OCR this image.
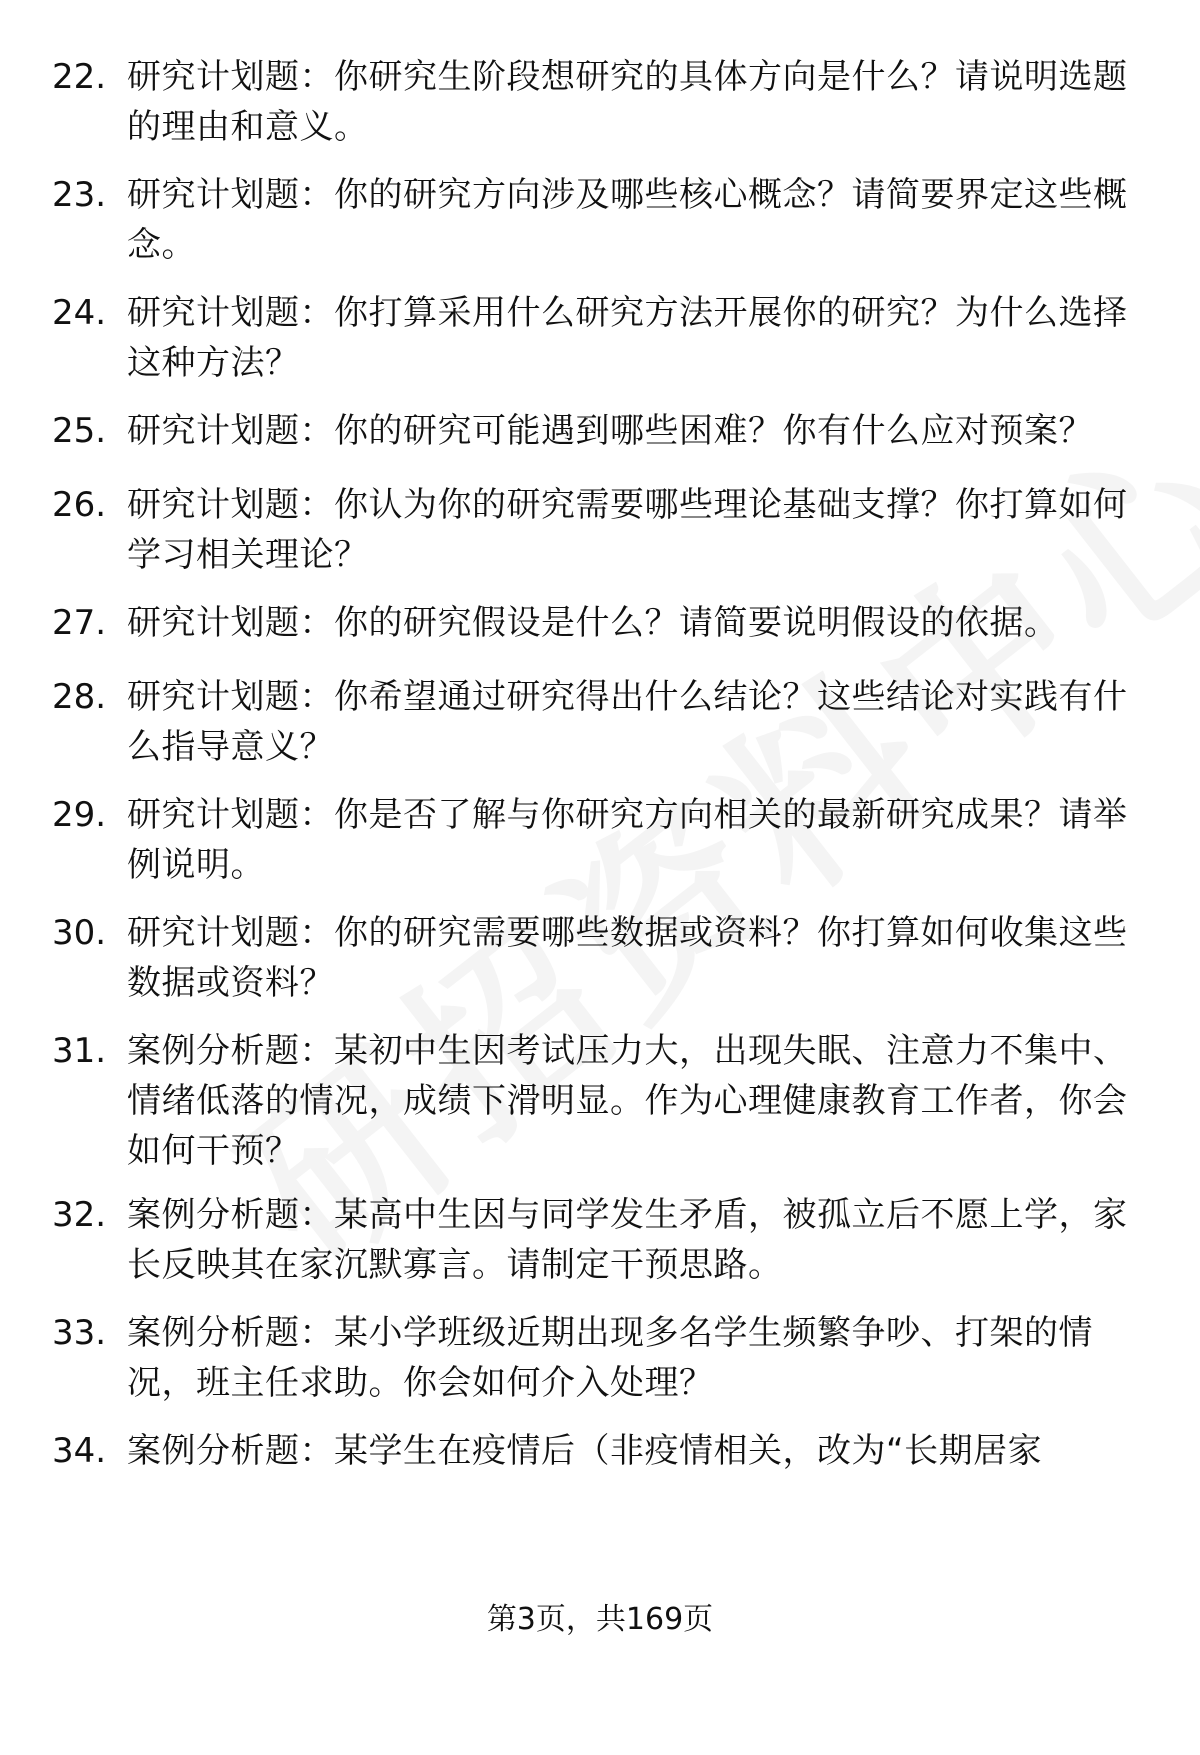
22. 研究计划题：你研究生阶段想研究的具体方向是什么？请说明选题的理由和意义。
23. 研究计划题：你的研究方向涉及哪些核心概念？请简要界定这些概念。
24. 研究计划题：你打算采用什么研究方法开展你的研究？为什么选择这种方法？
25. 研究计划题：你的研究可能遇到哪些困难？你有什么应对预案？
26. 研究计划题：你认为你的研究需要哪些理论基础支撑？你打算如何学习相关理论？
27. 研究计划题：你的研究假设是什么？请简要说明假设的依据。
28. 研究计划题：你希望通过研究得出什么结论？这些结论对实践有什么指导意义？
29. 研究计划题：你是否了解与你研究方向相关的最新研究成果？请举例说明。
30. 研究计划题：你的研究需要哪些数据或资料？你打算如何收集这些数据或资料？
31. 案例分析题：某初中生因考试压力大，出现失眠、注意力不集中、情绪低落的情况，成绩下滑明显。作为心理健康教育工作者，你会如何干预？
32. 案例分析题：某高中生因与同学发生矛盾，被孤立后不愿上学，家长反映其在家沉默寡言。请制定干预思路。
33. 案例分析题：某小学班级近期出现多名学生频繁争吵、打架的情况，班主任求助。你会如何介入处理？
34. 案例分析题：某学生在疫情后（非疫情相关，改为“长期居家
第3页，共169页
